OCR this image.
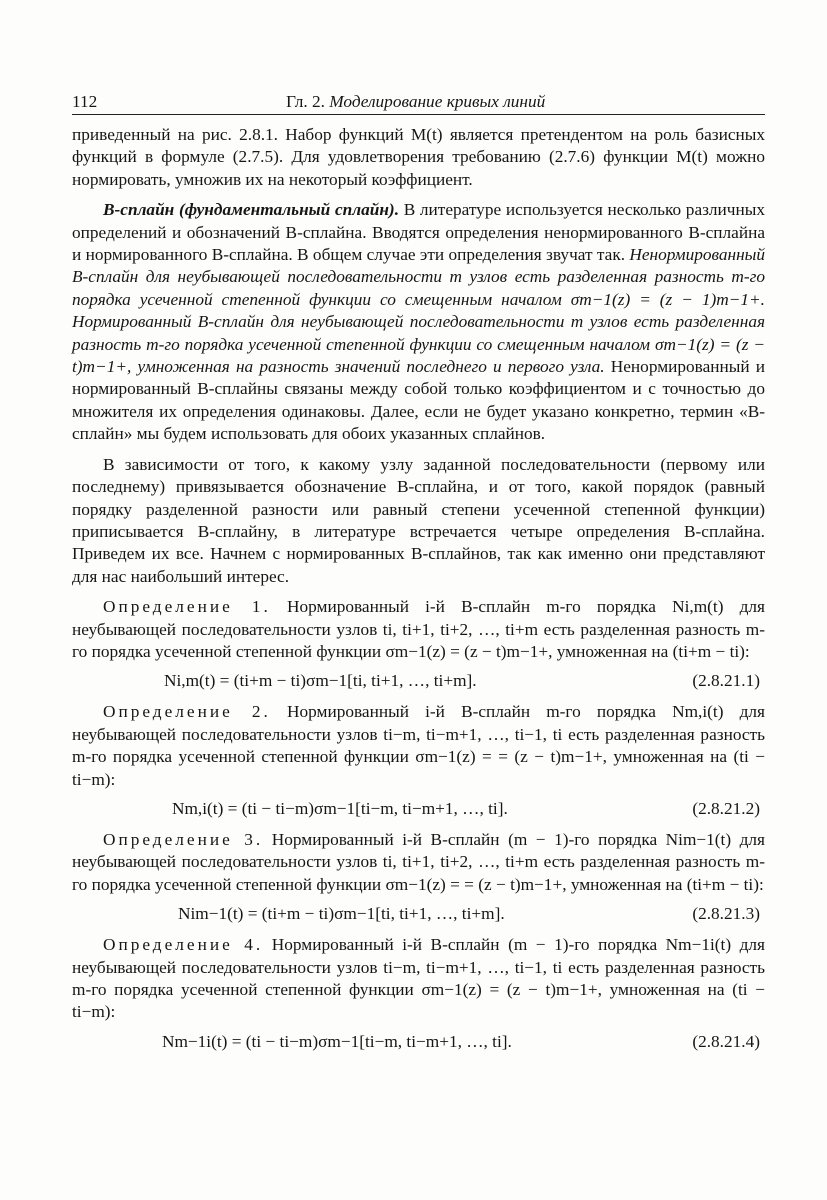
112	Гл. 2. Моделирование кривых линий

приведенный на рис. 2.8.1. Набор функций M(t) является претендентом на роль базисных функций в формуле (2.7.5). Для удовлетворения требованию (2.7.6) функции M(t) можно нормировать, умножив их на некоторый коэффициент.

B-сплайн (фундаментальный сплайн). В литературе используется несколько различных определений и обозначений B-сплайна. Вводятся определения ненормированного B-сплайна и нормированного B-сплайна. В общем случае эти определения звучат так. Ненормированный B-сплайн для неубывающей последовательности m узлов есть разделенная разность m-го порядка усеченной степенной функции со смещенным началом σm−1(z) = (z − 1)m−1+. Нормированный B-сплайн для неубывающей последовательности m узлов есть разделенная разность m-го порядка усеченной степенной функции со смещенным началом σm−1(z) = (z − t)m−1+, умноженная на разность значений последнего и первого узла. Ненормированный и нормированный B-сплайны связаны между собой только коэффициентом и с точностью до множителя их определения одинаковы. Далее, если не будет указано конкретно, термин «B-сплайн» мы будем использовать для обоих указанных сплайнов.

В зависимости от того, к какому узлу заданной последовательности (первому или последнему) привязывается обозначение B-сплайна, и от того, какой порядок (равный порядку разделенной разности или равный степени усеченной степенной функции) приписывается B-сплайну, в литературе встречается четыре определения B-сплайна. Приведем их все. Начнем с нормированных B-сплайнов, так как именно они представляют для нас наибольший интерес.

Определение 1. Нормированный i-й B-сплайн m-го порядка Ni,m(t) для неубывающей последовательности узлов ti, ti+1, ti+2, …, ti+m есть разделенная разность m-го порядка усеченной степенной функции σm−1(z) = (z − t)m−1+, умноженная на (ti+m − ti):

Ni,m(t) = (ti+m − ti)σm−1[ti, ti+1, …, ti+m].	(2.8.21.1)

Определение 2. Нормированный i-й B-сплайн m-го порядка Nm,i(t) для неубывающей последовательности узлов ti−m, ti−m+1, …, ti−1, ti есть разделенная разность m-го порядка усеченной степенной функции σm−1(z) = = (z − t)m−1+, умноженная на (ti − ti−m):

Nm,i(t) = (ti − ti−m)σm−1[ti−m, ti−m+1, …, ti].	(2.8.21.2)

Определение 3. Нормированный i-й B-сплайн (m − 1)-го порядка Nim−1(t) для неубывающей последовательности узлов ti, ti+1, ti+2, …, ti+m есть разделенная разность m-го порядка усеченной степенной функции σm−1(z) = = (z − t)m−1+, умноженная на (ti+m − ti):

Nim−1(t) = (ti+m − ti)σm−1[ti, ti+1, …, ti+m].	(2.8.21.3)

Определение 4. Нормированный i-й B-сплайн (m − 1)-го порядка Nm−1i(t) для неубывающей последовательности узлов ti−m, ti−m+1, …, ti−1, ti есть разделенная разность m-го порядка усеченной степенной функции σm−1(z) = (z − t)m−1+, умноженная на (ti − ti−m):

Nm−1i(t) = (ti − ti−m)σm−1[ti−m, ti−m+1, …, ti].	(2.8.21.4)
